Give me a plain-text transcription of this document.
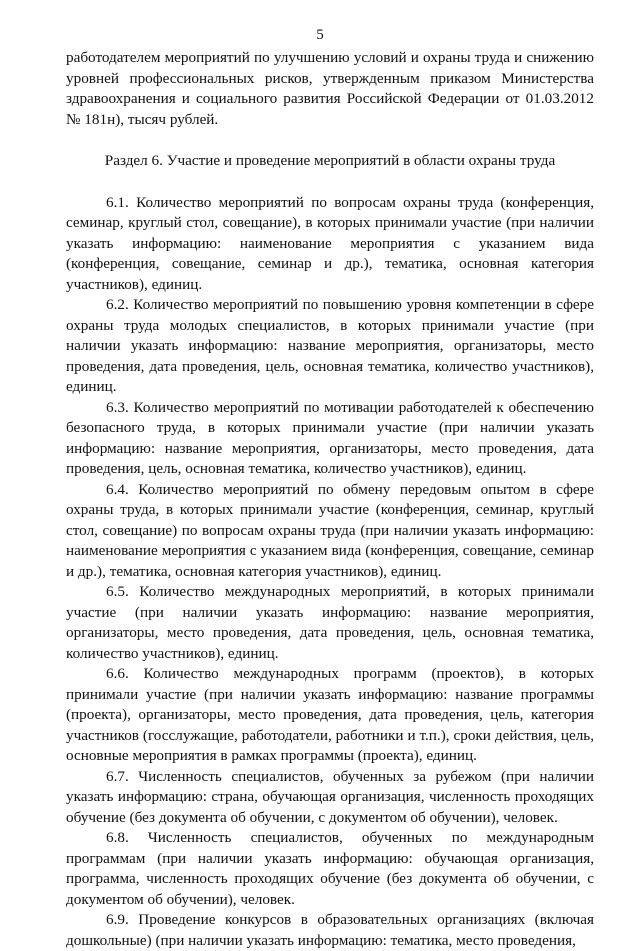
5

работодателем мероприятий по улучшению условий и охраны труда и снижению уровней профессиональных рисков, утвержденным приказом Министерства здравоохранения и социального развития Российской Федерации от 01.03.2012 № 181н), тысяч рублей.

Раздел 6. Участие и проведение мероприятий в области охраны труда

6.1. Количество мероприятий по вопросам охраны труда (конференция, семинар, круглый стол, совещание), в которых принимали участие (при наличии указать информацию: наименование мероприятия с указанием вида (конференция, совещание, семинар и др.), тематика, основная категория участников), единиц.

6.2. Количество мероприятий по повышению уровня компетенции в сфере охраны труда молодых специалистов, в которых принимали участие (при наличии указать информацию: название мероприятия, организаторы, место проведения, дата проведения, цель, основная тематика, количество участников), единиц.

6.3. Количество мероприятий по мотивации работодателей к обеспечению безопасного труда, в которых принимали участие (при наличии указать информацию: название мероприятия, организаторы, место проведения, дата проведения, цель, основная тематика, количество участников), единиц.

6.4. Количество мероприятий по обмену передовым опытом в сфере охраны труда, в которых принимали участие (конференция, семинар, круглый стол, совещание) по вопросам охраны труда (при наличии указать информацию: наименование мероприятия с указанием вида (конференция, совещание, семинар и др.), тематика, основная категория участников), единиц.

6.5. Количество международных мероприятий, в которых принимали участие (при наличии указать информацию: название мероприятия, организаторы, место проведения, дата проведения, цель, основная тематика, количество участников), единиц.

6.6. Количество международных программ (проектов), в которых принимали участие (при наличии указать информацию: название программы (проекта), организаторы, место проведения, дата проведения, цель, категория участников (госслужащие, работодатели, работники и т.п.), сроки действия, цель, основные мероприятия в рамках программы (проекта), единиц.

6.7. Численность специалистов, обученных за рубежом (при наличии указать информацию: страна, обучающая организация, численность проходящих обучение (без документа об обучении, с документом об обучении), человек.

6.8. Численность специалистов, обученных по международным программам (при наличии указать информацию: обучающая организация, программа, численность проходящих обучение (без документа об обучении, с документом об обучении), человек.

6.9. Проведение конкурсов в образовательных организациях (включая дошкольные) (при наличии указать информацию: тематика, место проведения,
